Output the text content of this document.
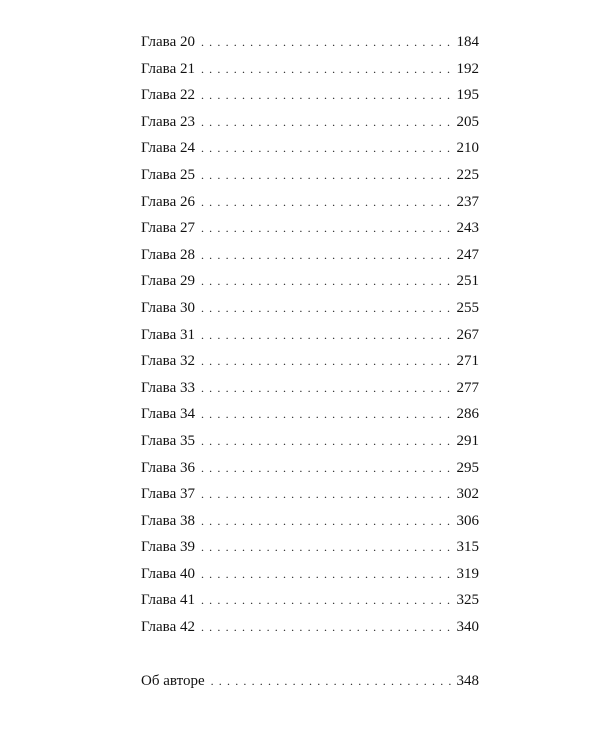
Глава 20 . . .	184
Глава 21 . . .	192
Глава 22 . . .	195
Глава 23 . . .	205
Глава 24 . . .	210
Глава 25 . . .	225
Глава 26 . . .	237
Глава 27 . . .	243
Глава 28 . . .	247
Глава 29 . . .	251
Глава 30 . . .	255
Глава 31 . . .	267
Глава 32 . . .	271
Глава 33 . . .	277
Глава 34 . . .	286
Глава 35 . . .	291
Глава 36 . . .	295
Глава 37 . . .	302
Глава 38 . . .	306
Глава 39 . . .	315
Глава 40 . . .	319
Глава 41 . . .	325
Глава 42 . . .	340
Об авторе . . .	348
